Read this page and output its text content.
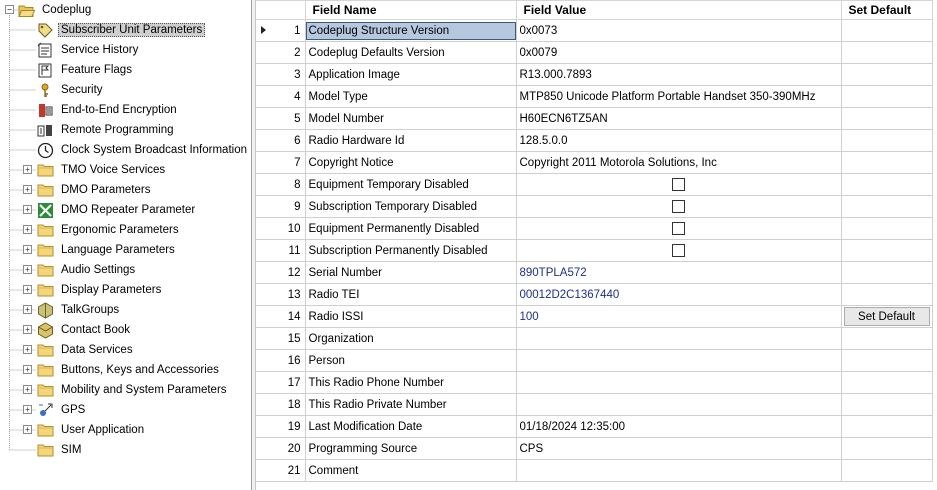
Codeplug
−
Subscriber Unit Parameters
Service History
Feature Flags
Security
End-to-End Encryption
Remote Programming
Clock System Broadcast Information
+	TMO Voice Services
+	DMO Parameters
+	DMO Repeater Parameter
+	Ergonomic Parameters
+	Language Parameters
+	Audio Settings
+	Display Parameters
+	TalkGroups
+	Contact Book
+	Data Services
+	Buttons, Keys and Accessories
+	Mobility and System Parameters
+	GPS
+	User Application
SIM
	Field Name	Field Value	Set Default

1	Codeplug Structure Version	0x0073	
2	Codeplug Defaults Version	0x0079	
3	Application Image	R13.000.7893	
4	Model Type	MTP850 Unicode Platform Portable Handset 350-390MHz	
5	Model Number	H60ECN6TZ5AN	
6	Radio Hardware Id	128.5.0.0	
7	Copyright Notice	Copyright 2011 Motorola Solutions, Inc	
8	Equipment Temporary Disabled		
9	Subscription Temporary Disabled		
10	Equipment Permanently Disabled		
11	Subscription Permanently Disabled		
12	Serial Number	890TPLA572	
13	Radio TEI	00012D2C1367440	
14	Radio ISSI	100	Set Default
15	Organization		
16	Person		
17	This Radio Phone Number		
18	This Radio Private Number		
19	Last Modification Date	01/18/2024 12:35:00	
20	Programming Source	CPS	
21	Comment		
